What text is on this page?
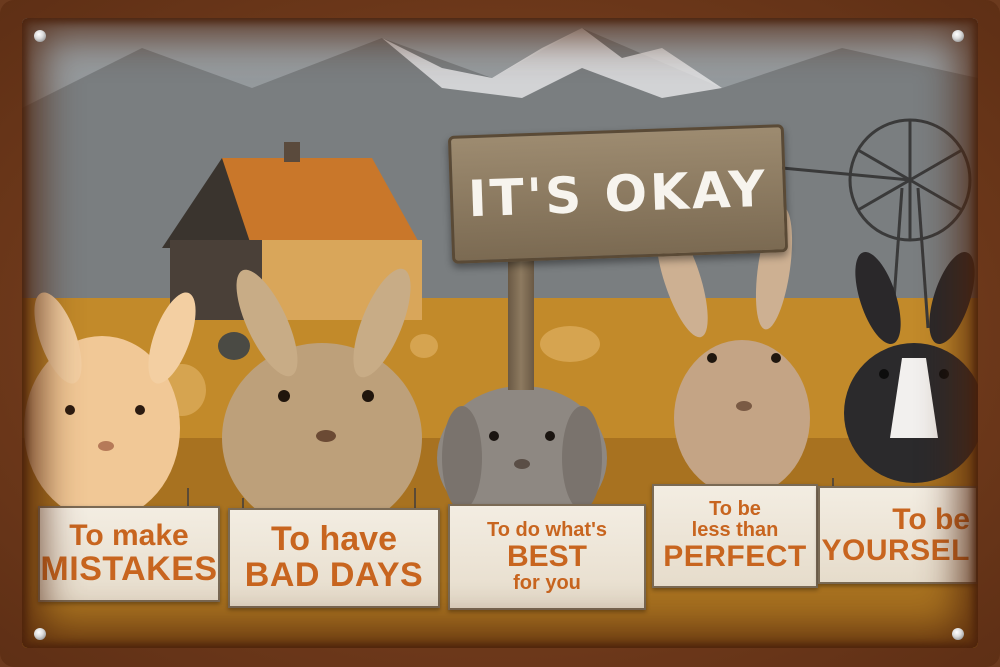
IT'S OKAY
To make
MISTAKES
To have
BAD DAYS
To do what's
BEST
for you
To be
less than
PERFECT
To be
YOURSEL
